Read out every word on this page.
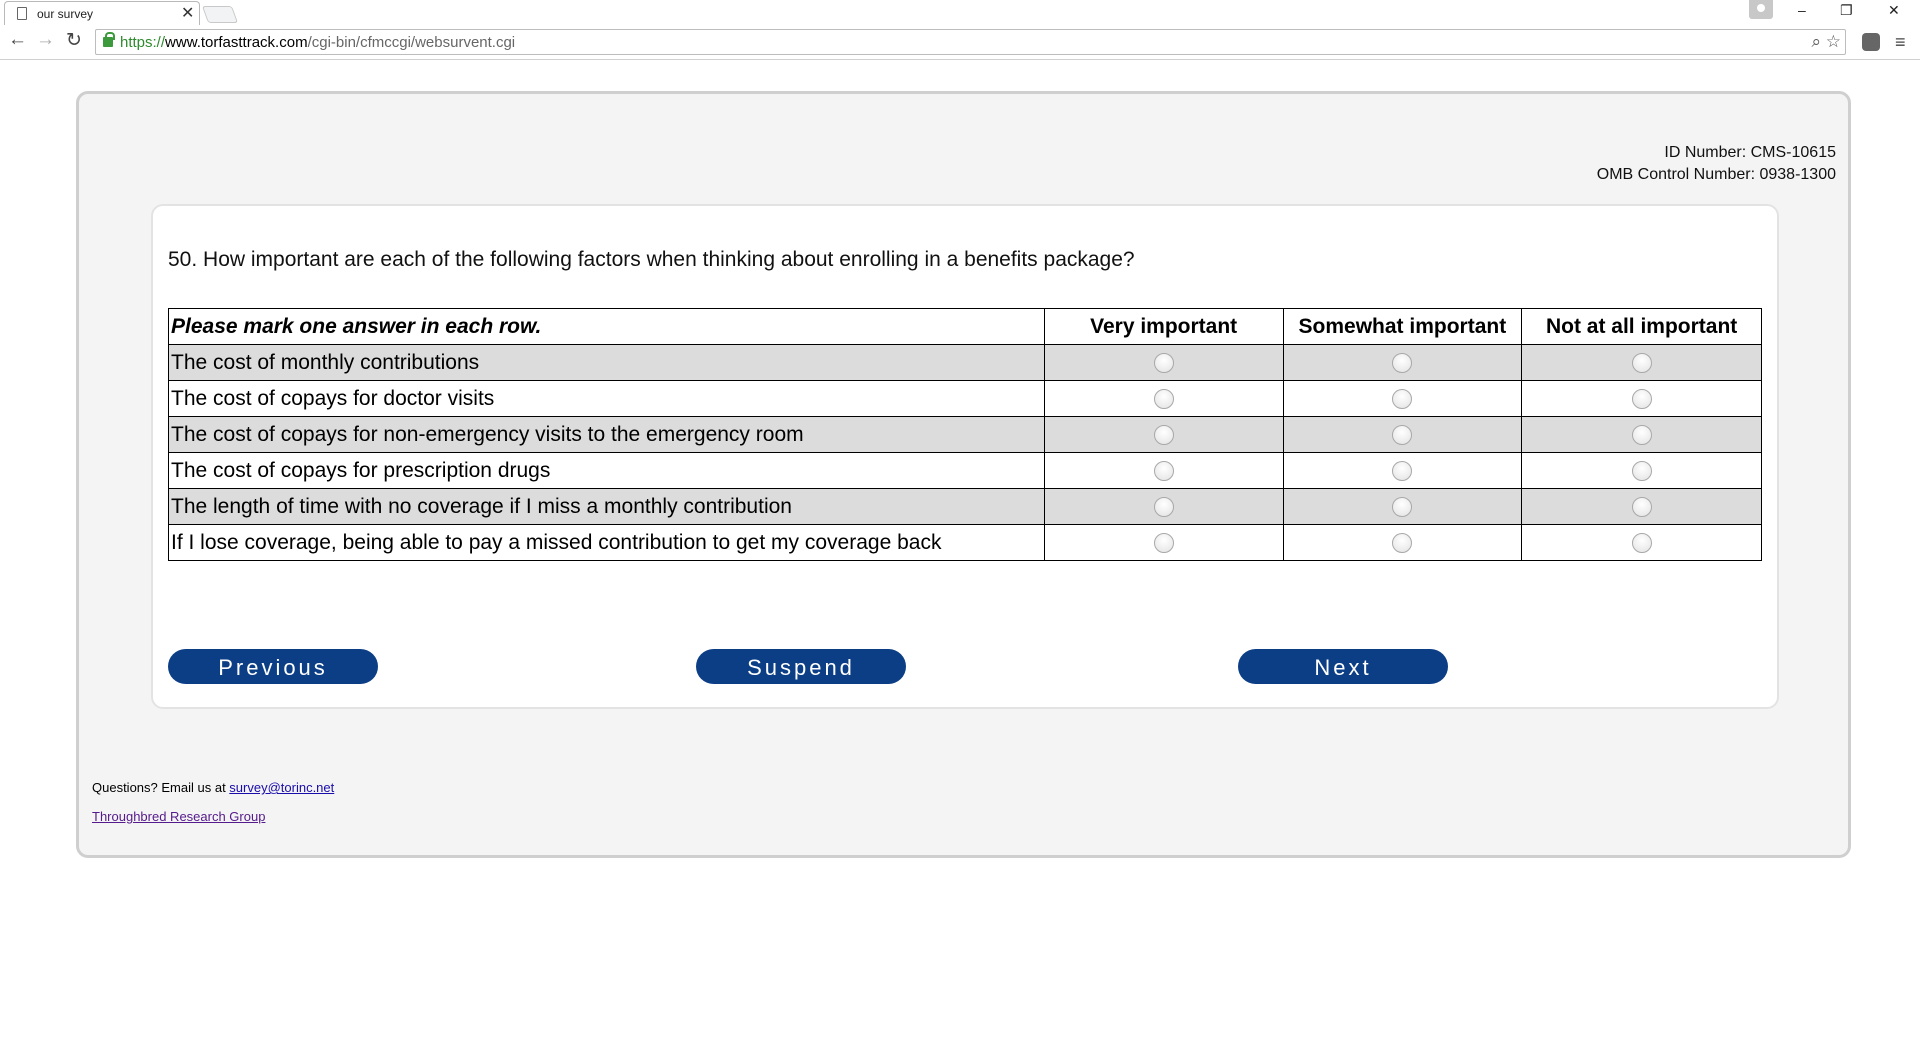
our survey	✕	– ❐	✕
← → ↻	https://www.torfasttrack.com/cgi-bin/cfmccgi/websurvent.cgi	⌕ ☆	≡
ID Number: CMS-10615
OMB Control Number: 0938-1300
50. How important are each of the following factors when thinking about enrolling in a benefits package?
Please mark one answer in each row.	Very important	Somewhat important	Not at all important
The cost of monthly contributions			
The cost of copays for doctor visits			
The cost of copays for non-emergency visits to the emergency room			
The cost of copays for prescription drugs			
The length of time with no coverage if I miss a monthly contribution			
If I lose coverage, being able to pay a missed contribution to get my coverage back			
Previous	Suspend	Next
Questions? Email us at survey@torinc.net
Throughbred Research Group
